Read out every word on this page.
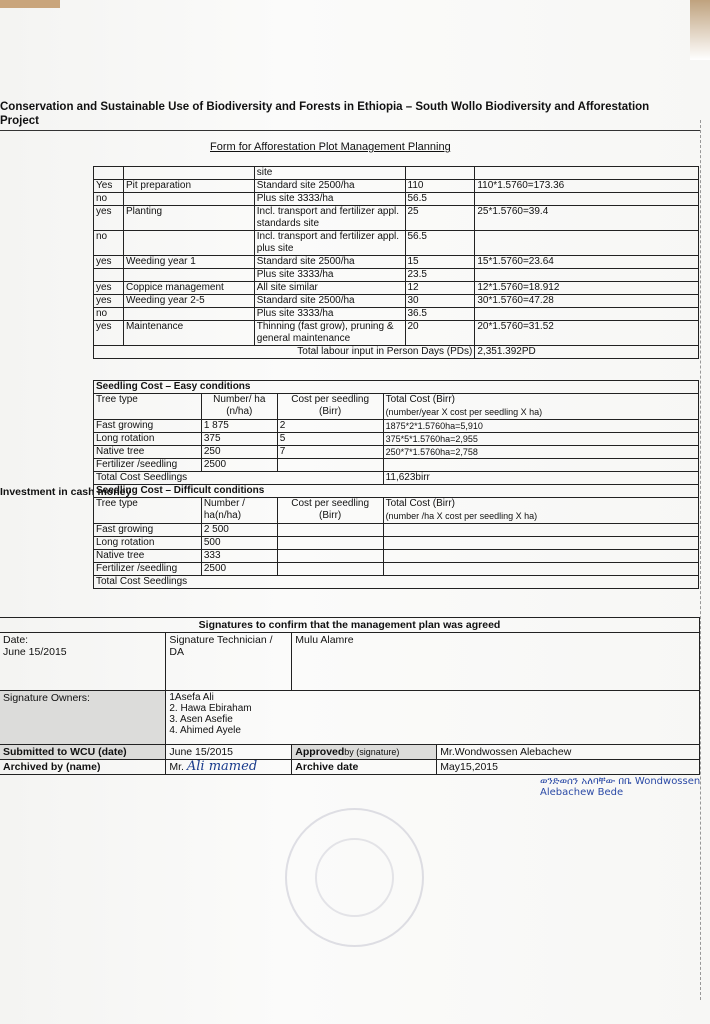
Conservation and Sustainable Use of Biodiversity and Forests in Ethiopia – South Wollo Biodiversity and Afforestation
Project
Form for Afforestation Plot Management Planning
		site		
Yes	Pit preparation	Standard site 2500/ha	110	110*1.5760=173.36
no		Plus site 3333/ha	56.5	
yes	Planting	Incl. transport and fertilizer appl. standards site	25	25*1.5760=39.4
no		Incl. transport and fertilizer appl. plus site	56.5	
yes	Weeding year 1	Standard site 2500/ha	15	15*1.5760=23.64
		Plus site 3333/ha	23.5	
yes	Coppice management	All site similar	12	12*1.5760=18.912
yes	Weeding year 2-5	Standard site 2500/ha	30	30*1.5760=47.28
no		Plus site 3333/ha	36.5	
yes	Maintenance	Thinning (fast grow), pruning & general maintenance	20	20*1.5760=31.52
Total labour input in Person Days (PDs)				2,351.392PD
Investment in cash money
Seedling Cost – Easy conditions			
Tree type	Number/ ha (n/ha)	Cost per seedling (Birr)	Total Cost (Birr)
(number/year X cost per seedling X ha)
Fast growing	1 875	2	1875*2*1.5760ha=5,910
Long rotation	375	5	375*5*1.5760ha=2,955
Native tree	250	7	250*7*1.5760ha=2,758
Fertilizer /seedling	2500		
Total Cost Seedlings			11,623birr
Seedling Cost – Difficult conditions			
Tree type	Number / ha(n/ha)	Cost per seedling (Birr)	Total Cost (Birr)
(number /ha X cost per seedling X ha)
Fast growing	2 500		
Long rotation	500		
Native tree	333		
Fertilizer /seedling	2500		
Total Cost Seedlings			
Signatures to confirm that the management plan was agreed			
Date:
June 15/2015	Signature Technician / DA	Mulu Alamre	
Signature Owners:	1Asefa Ali
2. Hawa Ebiraham
3. Asen Asefie
4. Ahimed Ayele		

Submitted to WCU (date)	June 15/2015	Approvedby (signature)	Mr.Wondwossen Alebachew
Archived by (name)	Mr. Ali mamed	Archive date	May15,2015
ወንድወሰን አለባቸው በቤ Wondwossen Alebachew Bede
